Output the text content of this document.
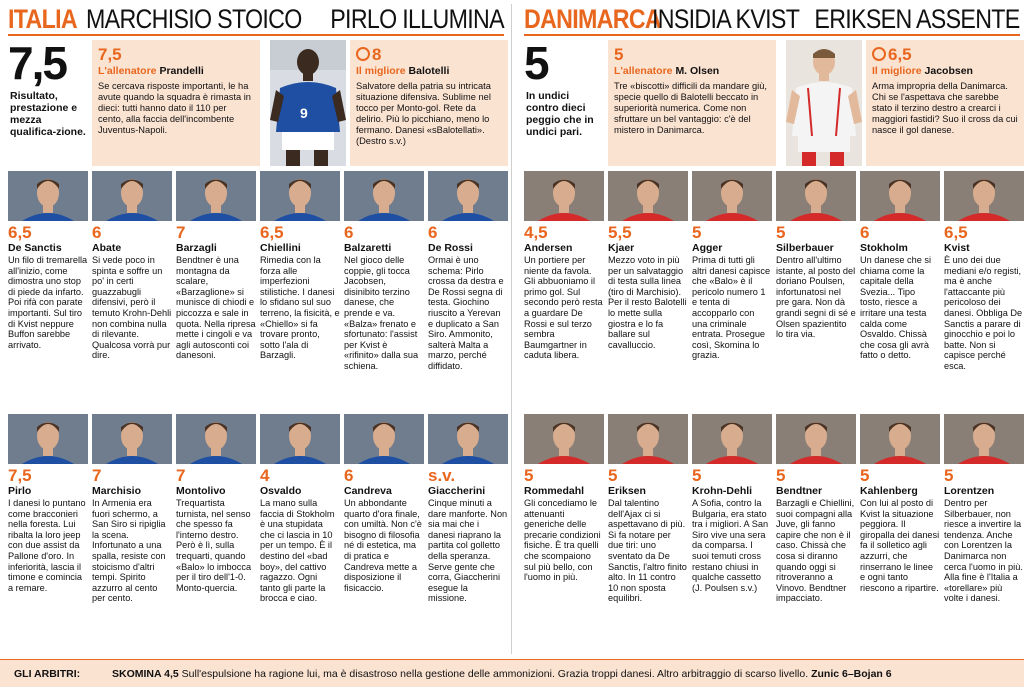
ITALIA MARCHISIO STOICO PIRLO ILLUMINA
7,5
Risultato, prestazione e mezza qualifica-zione.
7,5
L'allenatore Prandelli
Se cercava risposte importanti, le ha avute quando la squadra è rimasta in dieci: tutti hanno dato il 110 per cento, alla faccia dell'incombente Juventus-Napoli.
9
8
Il migliore Balotelli
Salvatore della patria su intricata situazione difensiva. Sublime nel tocco per Monto-gol. Rete da delirio. Più lo picchiano, meno lo fermano. Danesi «sBalotellati». (Destro s.v.)
6,5
De Sanctis
Un filo di tremarella all'inizio, come dimostra uno stop di piede da infarto. Poi rifà con parate importanti. Sul tiro di Kvist neppure Buffon sarebbe arrivato.
6
Abate
Si vede poco in spinta e soffre un po' in certi guazzabugli difensivi, però il temuto Krohn-Dehli non combina nulla di rilevante. Qualcosa vorrà pur dire.
7
Barzagli
Bendtner è una montagna da scalare, «Barzaglione» si munisce di chiodi e piccozza e sale in quota. Nella ripresa mette i cingoli e va agli autosconti coi danesoni.
6,5
Chiellini
Rimedia con la forza alle imperfezioni stilistiche. I danesi lo sfidano sul suo terreno, la fisicità, e «Chiello» si fa trovare pronto, sotto l'ala di Barzagli.
6
Balzaretti
Nel gioco delle coppie, gli tocca Jacobsen, disinibito terzino danese, che prende e va. «Balza» frenato e sfortunato: l'assist per Kvist è «rifinito» dalla sua schiena.
6
De Rossi
Ormai è uno schema: Pirlo crossa da destra e De Rossi segna di testa. Giochino riuscito a Yerevan e duplicato a San Siro. Ammonito, salterà Malta a marzo, perché diffidato.
7,5
Pirlo
I danesi lo puntano come bracconieri nella foresta. Lui ribalta la loro jeep con due assist da Pallone d'oro. In inferiorità, lascia il timone e comincia a remare.
7
Marchisio
In Armenia era fuori schermo, a San Siro si ripiglia la scena. Infortunato a una spalla, resiste con stoicismo d'altri tempi. Spirito azzurro al cento per cento.
7
Montolivo
Trequartista turnista, nel senso che spesso fa l'interno destro. Però è lì, sulla trequarti, quando «Balo» lo imbocca per il tiro dell'1-0. Monto-quercia.
4
Osvaldo
La mano sulla faccia di Stokholm è una stupidata che ci lascia in 10 per un tempo. È il destino del «bad boy», del cattivo ragazzo. Ogni tanto gli parte la brocca e ciao.
6
Candreva
Un abbondante quarto d'ora finale, con umiltà. Non c'è bisogno di filosofia né di estetica, ma di pratica e Candreva mette a disposizione il fisicaccio.
s.v.
Giaccherini
Cinque minuti a dare manforte. Non sia mai che i danesi riaprano la partita col golletto della speranza. Serve gente che corra, Giaccherini esegue la missione.
DANIMARCA
INSIDIA KVIST ERIKSEN ASSENTE
5
In undici contro dieci peggio che in undici pari.
5
L'allenatore M. Olsen
Tre «biscotti» difficili da mandare giù, specie quello di Balotelli beccato in superiorità numerica. Come non sfruttare un bel vantaggio: c'è del mistero in Danimarca.
6,5
Il migliore Jacobsen
Arma impropria della Danimarca. Chi se l'aspettava che sarebbe stato il terzino destro a crearci i maggiori fastidi? Suo il cross da cui nasce il gol danese.
4,5
Andersen
Un portiere per niente da favola. Gli abbuoniamo il primo gol. Sul secondo però resta a guardare De Rossi e sul terzo sembra Baumgartner in caduta libera.
5,5
Kjaer
Mezzo voto in più per un salvataggio di testa sulla linea (tiro di Marchisio). Per il resto Balotelli lo mette sulla giostra e lo fa ballare sul cavalluccio.
5
Agger
Prima di tutti gli altri danesi capisce che «Balo» è il pericolo numero 1 e tenta di accopparlo con una criminale entrata. Prosegue così, Skomina lo grazia.
5
Silberbauer
Dentro all'ultimo istante, al posto del doriano Poulsen, infortunatosi nel pre gara. Non dà grandi segni di sé e Olsen spazientito lo tira via.
6
Stokholm
Un danese che si chiama come la capitale della Svezia... Tipo tosto, riesce a irritare una testa calda come Osvaldo. Chissà che cosa gli avrà fatto o detto.
6,5
Kvist
È uno dei due mediani e/o registi, ma è anche l'attaccante più pericoloso dei danesi. Obbliga De Sanctis a parare di ginocchio e poi lo batte. Non si capisce perché esca.
5
Rommedahl
Gli concediamo le attenuanti generiche delle precarie condizioni fisiche. È tra quelli che scompaiono sul più bello, con l'uomo in più.
5
Eriksen
Dal talentino dell'Ajax ci si aspettavano di più. Si fa notare per due tiri: uno sventato da De Sanctis, l'altro finito alto. In 11 contro 10 non sposta equilibri.
5
Krohn-Dehli
A Sofia, contro la Bulgaria, era stato tra i migliori. A San Siro vive una sera da comparsa. I suoi temuti cross restano chiusi in qualche cassetto (J. Poulsen s.v.)
5
Bendtner
Barzagli e Chiellini, suoi compagni alla Juve, gli fanno capire che non è il caso. Chissà che cosa si diranno quando oggi si ritroveranno a Vinovo. Bendtner impacciato.
5
Kahlenberg
Con lui al posto di Kvist la situazione peggiora. Il giropalla dei danesi fa il solletico agli azzurri, che rinserrano le linee e ogni tanto riescono a ripartire.
5
Lorentzen
Dentro per Silberbauer, non riesce a invertire la tendenza. Anche con Lorentzen la Danimarca non cerca l'uomo in più. Alla fine è l'Italia a «torellare» più volte i danesi.
GLI ARBITRI:	SKOMINA 4,5 Sull'espulsione ha ragione lui, ma è disastroso nella gestione delle ammonizioni. Grazia troppi danesi. Altro arbitraggio di scarso livello. Zunic 6–Bojan 6
